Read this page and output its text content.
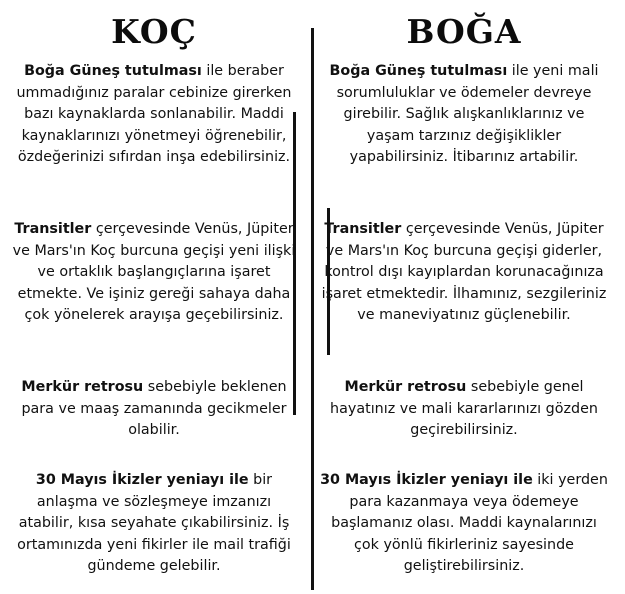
KOÇ

Boğa Güneş tutulması ile beraber ummadığınız paralar cebinize girerken bazı kaynaklarda sonlanabilir. Maddi kaynaklarınızı yönetmeyi öğrenebilir, özdeğerinizi sıfırdan inşa edebilirsiniz.

Transitler çerçevesinde Venüs, Jüpiter ve Mars'ın Koç burcuna geçişi yeni ilişki ve ortaklık başlangıçlarına işaret etmekte. Ve işiniz gereği sahaya daha çok yönelerek arayışa geçebilirsiniz.

Merkür retrosu sebebiyle beklenen para ve maaş zamanında gecikmeler olabilir.

30 Mayıs İkizler yeniayı ile bir anlaşma ve sözleşmeye imzanızı atabilir, kısa seyahate çıkabilirsiniz. İş ortamınızda yeni fikirler ile mail trafiği gündeme gelebilir.

BOĞA

Boğa Güneş tutulması ile yeni mali sorumluluklar ve ödemeler devreye girebilir. Sağlık alışkanlıklarınız ve yaşam tarzınız değişiklikler yapabilirsiniz. İtibarınız artabilir.

Transitler çerçevesinde Venüs, Jüpiter ve Mars'ın Koç burcuna geçişi giderler, kontrol dışı kayıplardan korunacağınıza işaret etmektedir. İlhamınız, sezgileriniz ve maneviyatınız güçlenebilir.

Merkür retrosu sebebiyle genel hayatınız ve mali kararlarınızı gözden geçirebilirsiniz.

30 Mayıs İkizler yeniayı ile iki yerden para kazanmaya veya ödemeye başlamanız olası. Maddi kaynalarınızı çok yönlü fikirleriniz sayesinde geliştirebilirsiniz.
